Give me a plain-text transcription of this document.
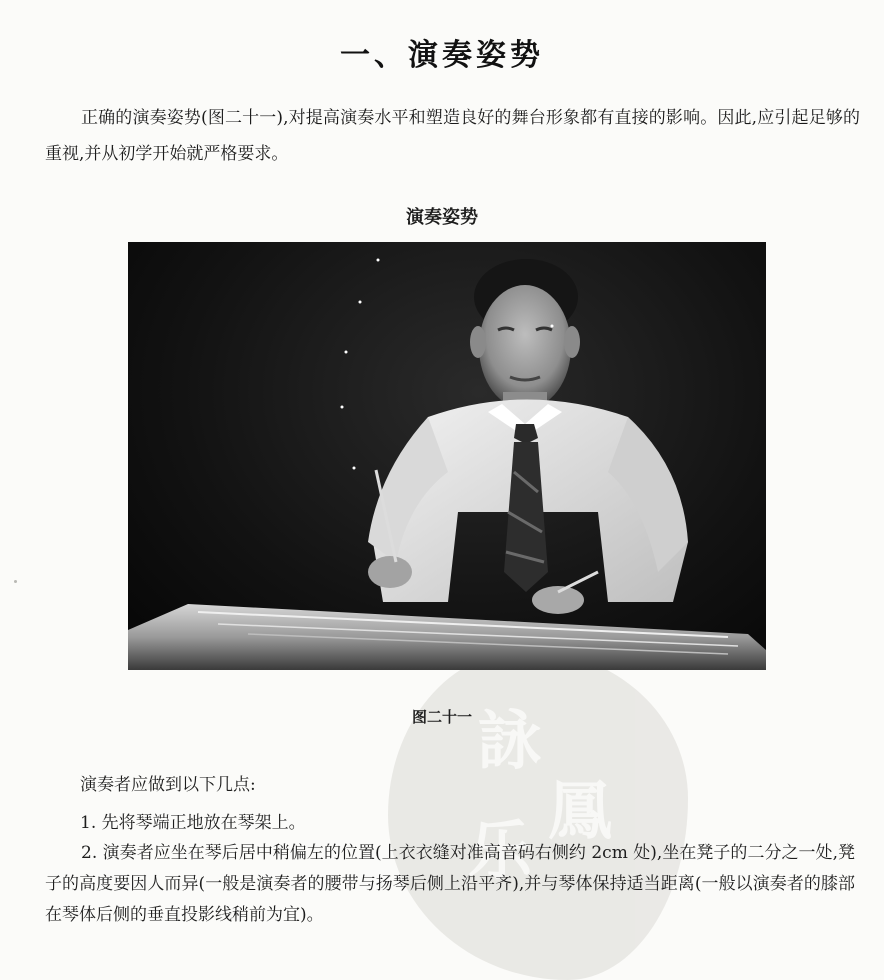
詠
鳳
乐
一、演奏姿势
正确的演奏姿势(图二十一),对提高演奏水平和塑造良好的舞台形象都有直接的影响。因此,应引起足够的重视,并从初学开始就严格要求。
演奏姿势
图二十一
演奏者应做到以下几点:
1. 先将琴端正地放在琴架上。
2. 演奏者应坐在琴后居中稍偏左的位置(上衣衣缝对准高音码右侧约 2cm 处),坐在凳子的二分之一处,凳子的高度要因人而异(一般是演奏者的腰带与扬琴后侧上沿平齐),并与琴体保持适当距离(一般以演奏者的膝部在琴体后侧的垂直投影线稍前为宜)。
